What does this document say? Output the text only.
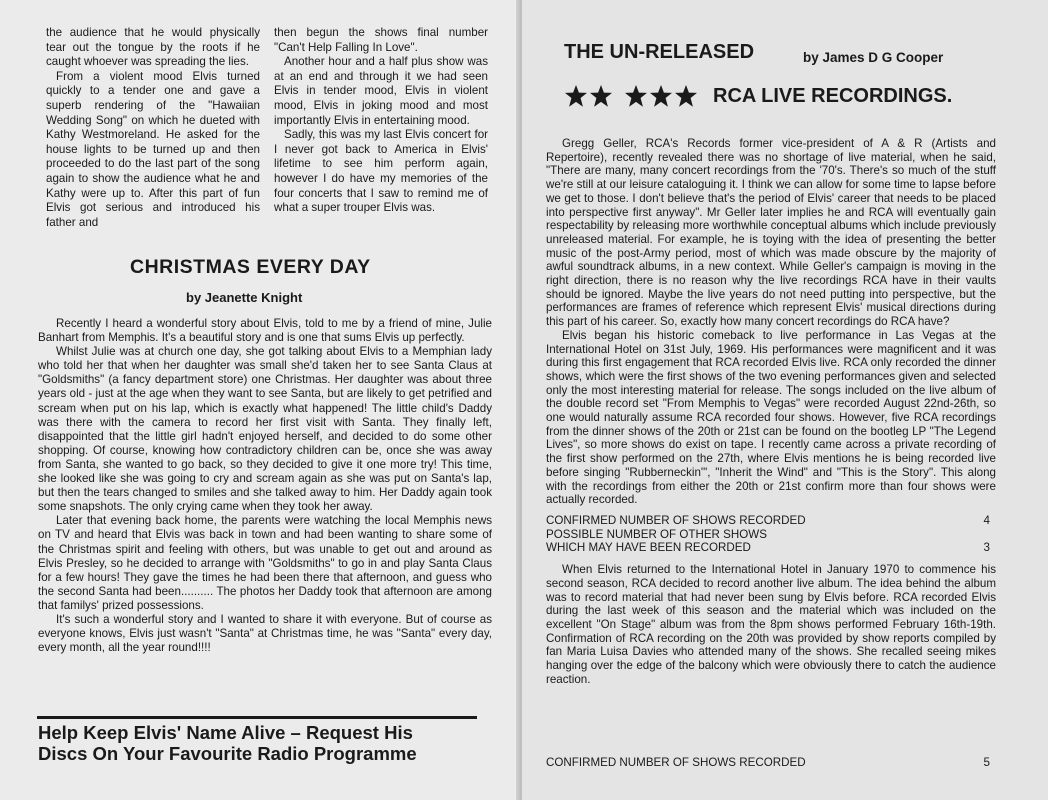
the audience that he would physically tear out the tongue by the roots if he caught whoever was spreading the lies.

From a violent mood Elvis turned quickly to a tender one and gave a superb rendering of the "Hawaiian Wedding Song" on which he dueted with Kathy Westmoreland. He asked for the house lights to be turned up and then proceeded to do the last part of the song again to show the audience what he and Kathy were up to. After this part of fun Elvis got serious and introduced his father and

then begun the shows final number "Can't Help Falling In Love".

Another hour and a half plus show was at an end and through it we had seen Elvis in tender mood, Elvis in violent mood, Elvis in joking mood and most importantly Elvis in entertaining mood.

Sadly, this was my last Elvis concert for I never got back to America in Elvis' lifetime to see him perform again, however I do have my memories of the four concerts that I saw to remind me of what a super trouper Elvis was.

CHRISTMAS EVERY DAY
by Jeanette Knight

Recently I heard a wonderful story about Elvis, told to me by a friend of mine, Julie Banhart from Memphis. It's a beautiful story and is one that sums Elvis up perfectly.

Whilst Julie was at church one day, she got talking about Elvis to a Memphian lady who told her that when her daughter was small she'd taken her to see Santa Claus at "Goldsmiths" (a fancy department store) one Christmas. Her daughter was about three years old - just at the age when they want to see Santa, but are likely to get petrified and scream when put on his lap, which is exactly what happened! The little child's Daddy was there with the camera to record her first visit with Santa. They finally left, disappointed that the little girl hadn't enjoyed herself, and decided to do some other shopping. Of course, knowing how contradictory children can be, once she was away from Santa, she wanted to go back, so they decided to give it one more try! This time, she looked like she was going to cry and scream again as she was put on Santa's lap, but then the tears changed to smiles and she talked away to him. Her Daddy again took some snapshots. The only crying came when they took her away.

Later that evening back home, the parents were watching the local Memphis news on TV and heard that Elvis was back in town and had been wanting to share some of the Christmas spirit and feeling with others, but was unable to get out and around as Elvis Presley, so he decided to arrange with "Goldsmiths" to go in and play Santa Claus for a few hours! They gave the times he had been there that afternoon, and guess who the second Santa had been.......... The photos her Daddy took that afternoon are among that familys' prized possessions.

It's such a wonderful story and I wanted to share it with everyone. But of course as everyone knows, Elvis just wasn't "Santa" at Christmas time, he was "Santa" every day, every month, all the year round!!!!

Help Keep Elvis' Name Alive – Request His
Discs On Your Favourite Radio Programme
THE UN-RELEASED	by James D G Cooper
RCA LIVE RECORDINGS.

Gregg Geller, RCA's Records former vice-president of A & R (Artists and Repertoire), recently revealed there was no shortage of live material, when he said, "There are many, many concert recordings from the '70's. There's so much of the stuff we're still at our leisure cataloguing it. I think we can allow for some time to lapse before we get to those. I don't believe that's the period of Elvis' career that needs to be placed into perspective first anyway". Mr Geller later implies he and RCA will eventually gain respectability by releasing more worthwhile conceptual albums which include previously unreleased material. For example, he is toying with the idea of presenting the better music of the post-Army period, most of which was made obscure by the majority of awful soundtrack albums, in a new context. While Geller's campaign is moving in the right direction, there is no reason why the live recordings RCA have in their vaults should be ignored. Maybe the live years do not need putting into perspective, but the performances are frames of reference which represent Elvis' musical directions during this part of his career. So, exactly how many concert recordings do RCA have?

Elvis began his historic comeback to live performance in Las Vegas at the International Hotel on 31st July, 1969. His performances were magnificent and it was during this first engagement that RCA recorded Elvis live. RCA only recorded the dinner shows, which were the first shows of the two evening performances given and selected only the most interesting material for release. The songs included on the live album of the double record set "From Memphis to Vegas" were recorded August 22nd-26th, so one would naturally assume RCA recorded four shows. However, five RCA recordings from the dinner shows of the 20th or 21st can be found on the bootleg LP "The Legend Lives", so more shows do exist on tape. I recently came across a private recording of the first show performed on the 27th, where Elvis mentions he is being recorded live before singing "Rubberneckin'", "Inherit the Wind" and "This is the Story". This along with the recordings from either the 20th or 21st confirm more than four shows were actually recorded.

CONFIRMED NUMBER OF SHOWS RECORDED	4
POSSIBLE NUMBER OF OTHER SHOWS
WHICH MAY HAVE BEEN RECORDED	3

When Elvis returned to the International Hotel in January 1970 to commence his second season, RCA decided to record another live album. The idea behind the album was to record material that had never been sung by Elvis before. RCA recorded Elvis during the last week of this season and the material which was included on the excellent "On Stage" album was from the 8pm shows performed February 16th-19th. Confirmation of RCA recording on the 20th was provided by show reports compiled by fan Maria Luisa Davies who attended many of the shows. She recalled seeing mikes hanging over the edge of the balcony which were obviously there to catch the audience reaction.

CONFIRMED NUMBER OF SHOWS RECORDED	5
